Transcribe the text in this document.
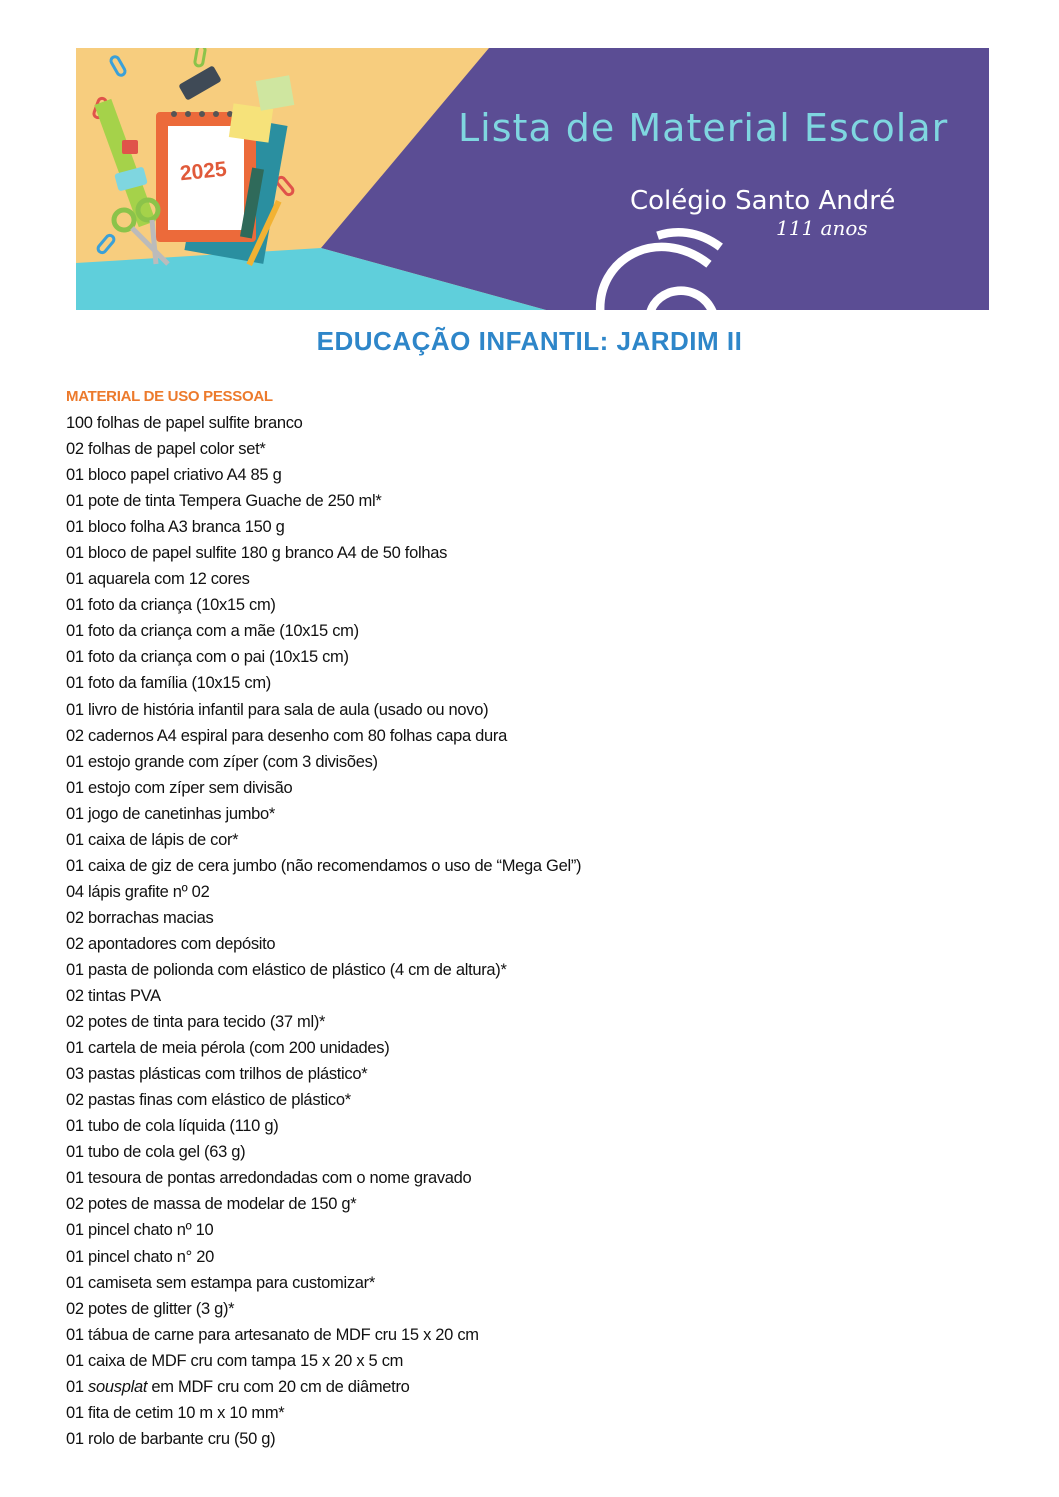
2025
Lista de Material Escolar
Colégio Santo André
111 anos
EDUCAÇÃO INFANTIL: JARDIM II
MATERIAL DE USO PESSOAL
100 folhas de papel sulfite branco
02 folhas de papel color set*
01 bloco papel criativo A4 85 g
01 pote de tinta Tempera Guache de 250 ml*
01 bloco folha A3 branca 150 g
01 bloco de papel sulfite 180 g branco A4 de 50 folhas
01 aquarela com 12 cores
01 foto da criança (10x15 cm)
01 foto da criança com a mãe (10x15 cm)
01 foto da criança com o pai (10x15 cm)
01 foto da família (10x15 cm)
01 livro de história infantil para sala de aula (usado ou novo)
02 cadernos A4 espiral para desenho com 80 folhas capa dura
01 estojo grande com zíper (com 3 divisões)
01 estojo com zíper sem divisão
01 jogo de canetinhas jumbo*
01 caixa de lápis de cor*
01 caixa de giz de cera jumbo (não recomendamos o uso de “Mega Gel”)
04 lápis grafite nº 02
02 borrachas macias
02 apontadores com depósito
01 pasta de polionda com elástico de plástico (4 cm de altura)*
02 tintas PVA
02 potes de tinta para tecido (37 ml)*
01 cartela de meia pérola (com 200 unidades)
03 pastas plásticas com trilhos de plástico*
02 pastas finas com elástico de plástico*
01 tubo de cola líquida (110 g)
01 tubo de cola gel (63 g)
01 tesoura de pontas arredondadas com o nome gravado
02 potes de massa de modelar de 150 g*
01 pincel chato nº 10
01 pincel chato n° 20
01 camiseta sem estampa para customizar*
02 potes de glitter (3 g)*
01 tábua de carne para artesanato de MDF cru 15 x 20 cm
01 caixa de MDF cru com tampa 15 x 20 x 5 cm
01 sousplat em MDF cru com 20 cm de diâmetro
01 fita de cetim 10 m x 10 mm*
01 rolo de barbante cru (50 g)
